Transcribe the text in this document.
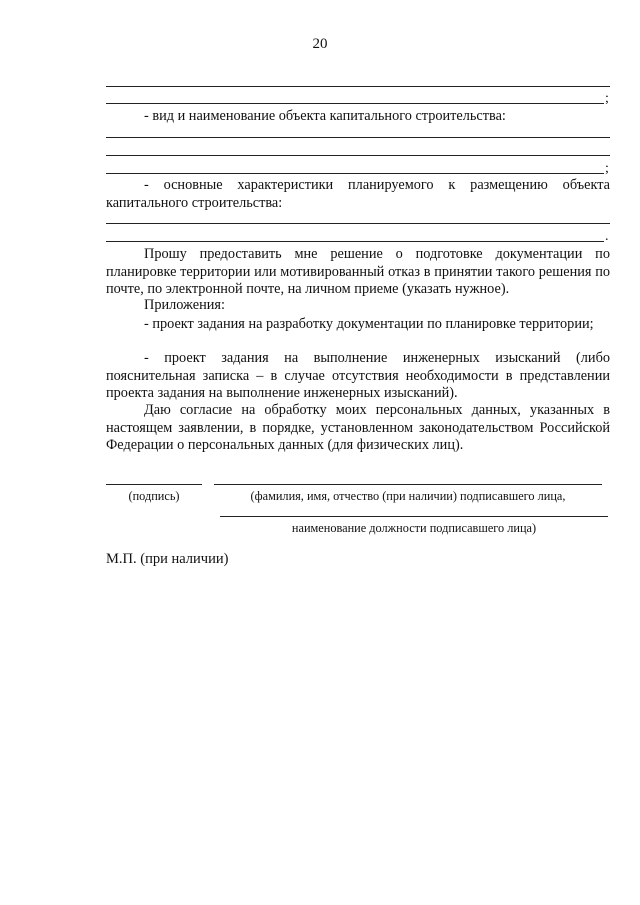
20
;

- вид и наименование объекта капитального строительства:

;

- основные характеристики планируемого к размещению объекта капитального строительства:

.

Прошу предоставить мне решение о подготовке документации по планировке территории или мотивированный отказ в принятии такого решения по почте, по электронной почте, на личном приеме (указать нужное).

Приложения:

- проект задания на разработку документации по планировке территории;

- проект задания на выполнение инженерных изысканий (либо пояснительная записка – в случае отсутствия необходимости в представлении проекта задания на выполнение инженерных изысканий).

Даю согласие на обработку моих персональных данных, указанных в настоящем заявлении, в порядке, установленном законодательством Российской Федерации о персональных данных (для физических лиц).

(подпись)	(фамилия, имя, отчество (при наличии) подписавшего лица,
наименование должности подписавшего лица)
М.П. (при наличии)
